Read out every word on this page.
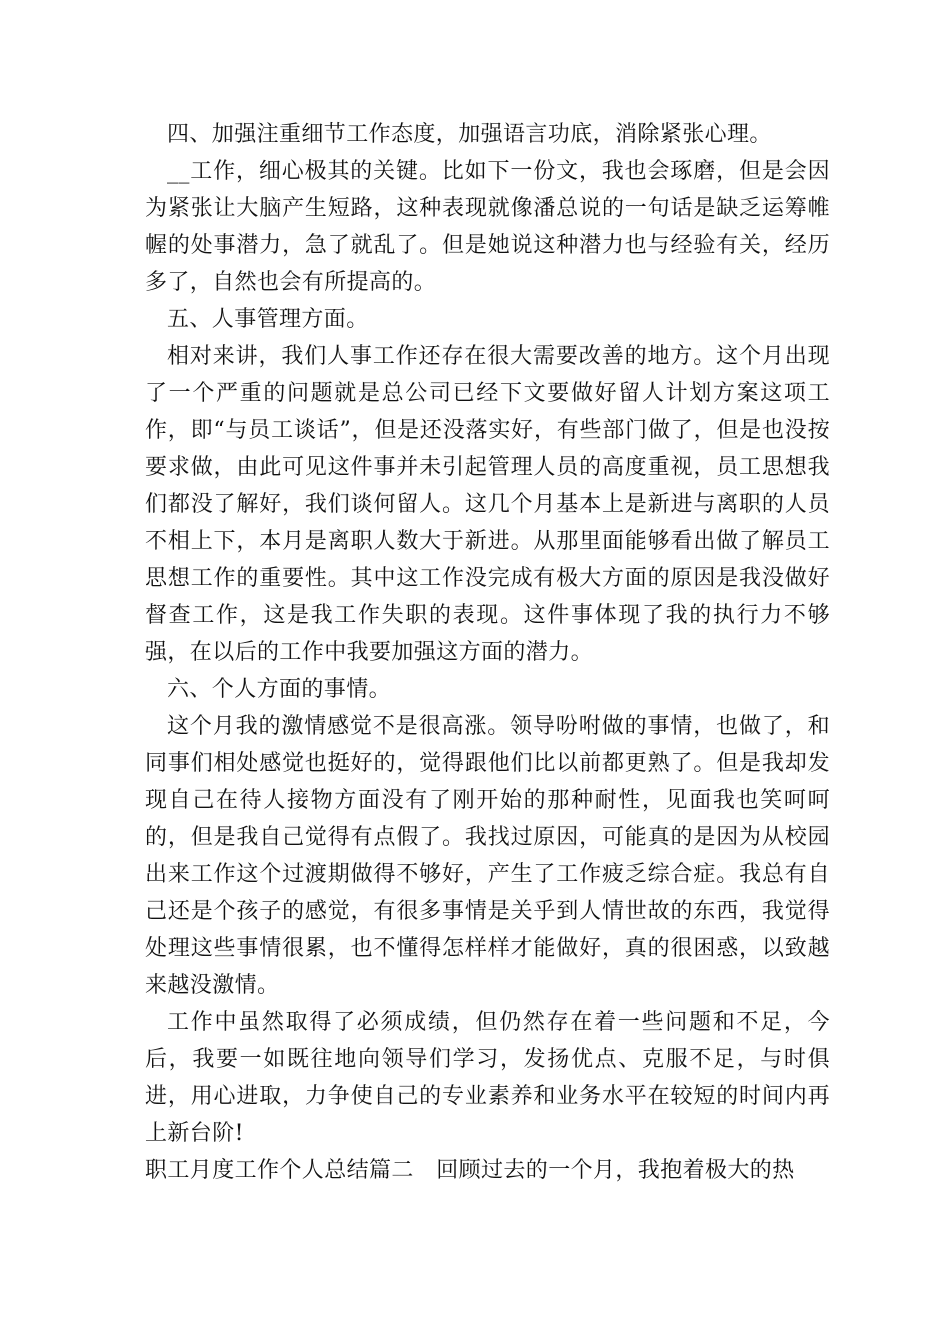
四、加强注重细节工作态度，加强语言功底，消除紧张心理。

__工作，细心极其的关键。比如下一份文，我也会琢磨，但是会因为紧张让大脑产生短路，这种表现就像潘总说的一句话是缺乏运筹帷幄的处事潜力，急了就乱了。但是她说这种潜力也与经验有关，经历多了，自然也会有所提高的。

五、人事管理方面。

相对来讲，我们人事工作还存在很大需要改善的地方。这个月出现了一个严重的问题就是总公司已经下文要做好留人计划方案这项工作，即“与员工谈话”，但是还没落实好，有些部门做了，但是也没按要求做，由此可见这件事并未引起管理人员的高度重视，员工思想我们都没了解好，我们谈何留人。这几个月基本上是新进与离职的人员不相上下，本月是离职人数大于新进。从那里面能够看出做了解员工思想工作的重要性。其中这工作没完成有极大方面的原因是我没做好督查工作，这是我工作失职的表现。这件事体现了我的执行力不够强，在以后的工作中我要加强这方面的潜力。

六、个人方面的事情。

这个月我的激情感觉不是很高涨。领导吩咐做的事情，也做了，和同事们相处感觉也挺好的，觉得跟他们比以前都更熟了。但是我却发现自己在待人接物方面没有了刚开始的那种耐性，见面我也笑呵呵的，但是我自己觉得有点假了。我找过原因，可能真的是因为从校园出来工作这个过渡期做得不够好，产生了工作疲乏综合症。我总有自己还是个孩子的感觉，有很多事情是关乎到人情世故的东西，我觉得处理这些事情很累，也不懂得怎样样才能做好，真的很困惑，以致越来越没激情。

工作中虽然取得了必须成绩，但仍然存在着一些问题和不足，今后，我要一如既往地向领导们学习，发扬优点、克服不足，与时俱进，用心进取，力争使自己的专业素养和业务水平在较短的时间内再上新台阶!

职工月度工作个人总结篇二　回顾过去的一个月，我抱着极大的热
